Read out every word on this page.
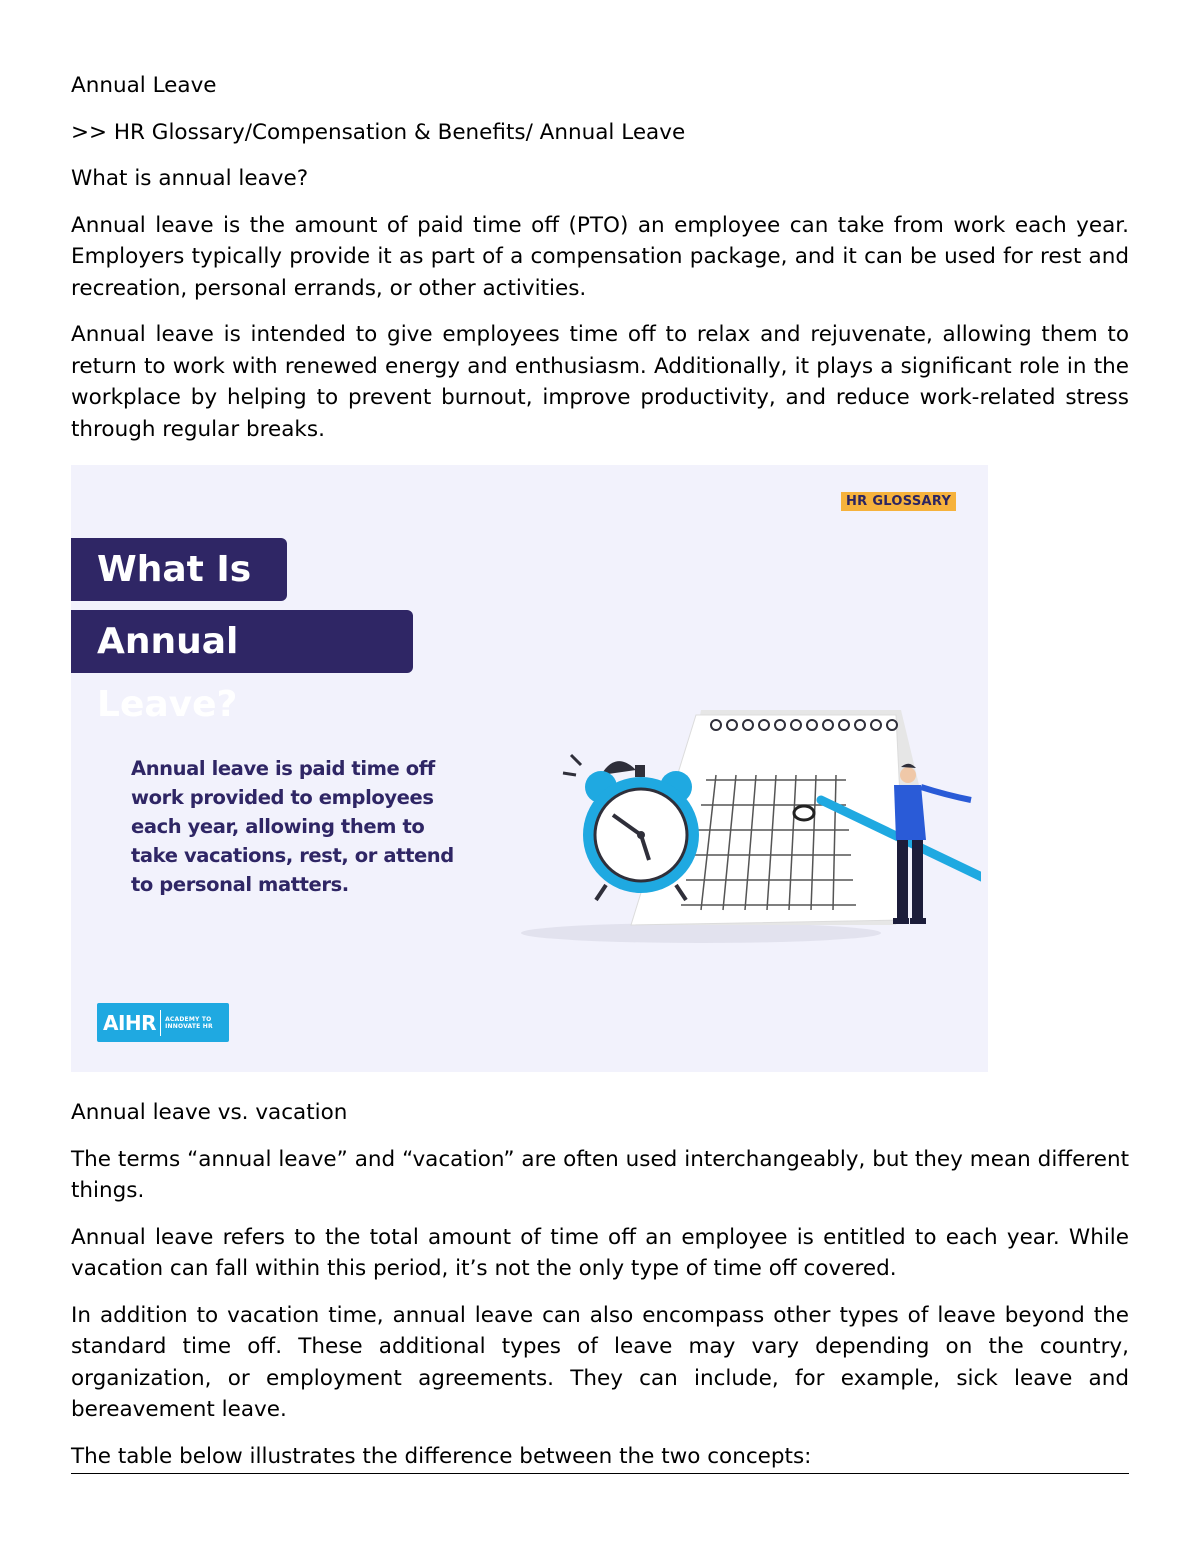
Annual Leave

>> HR Glossary/Compensation & Benefits/ Annual Leave

What is annual leave?

Annual leave is the amount of paid time off (PTO) an employee can take from work each year. Employers typically provide it as part of a compensation package, and it can be used for rest and recreation, personal errands, or other activities.

Annual leave is intended to give employees time off to relax and rejuvenate, allowing them to return to work with renewed energy and enthusiasm. Additionally, it plays a significant role in the workplace by helping to prevent burnout, improve productivity, and reduce work-related stress through regular breaks.

HR GLOSSARY
What Is
Annual Leave?
Annual leave is paid time off work provided to employees each year, allowing them to take vacations, rest, or attend to personal matters.
AIHR ACADEMY TO
INNOVATE HR

Annual leave vs. vacation

The terms “annual leave” and “vacation” are often used interchangeably, but they mean different things.

Annual leave refers to the total amount of time off an employee is entitled to each year. While vacation can fall within this period, it’s not the only type of time off covered.

In addition to vacation time, annual leave can also encompass other types of leave beyond the standard time off. These additional types of leave may vary depending on the country, organization, or employment agreements. They can include, for example, sick leave and bereavement leave.

The table below illustrates the difference between the two concepts:
